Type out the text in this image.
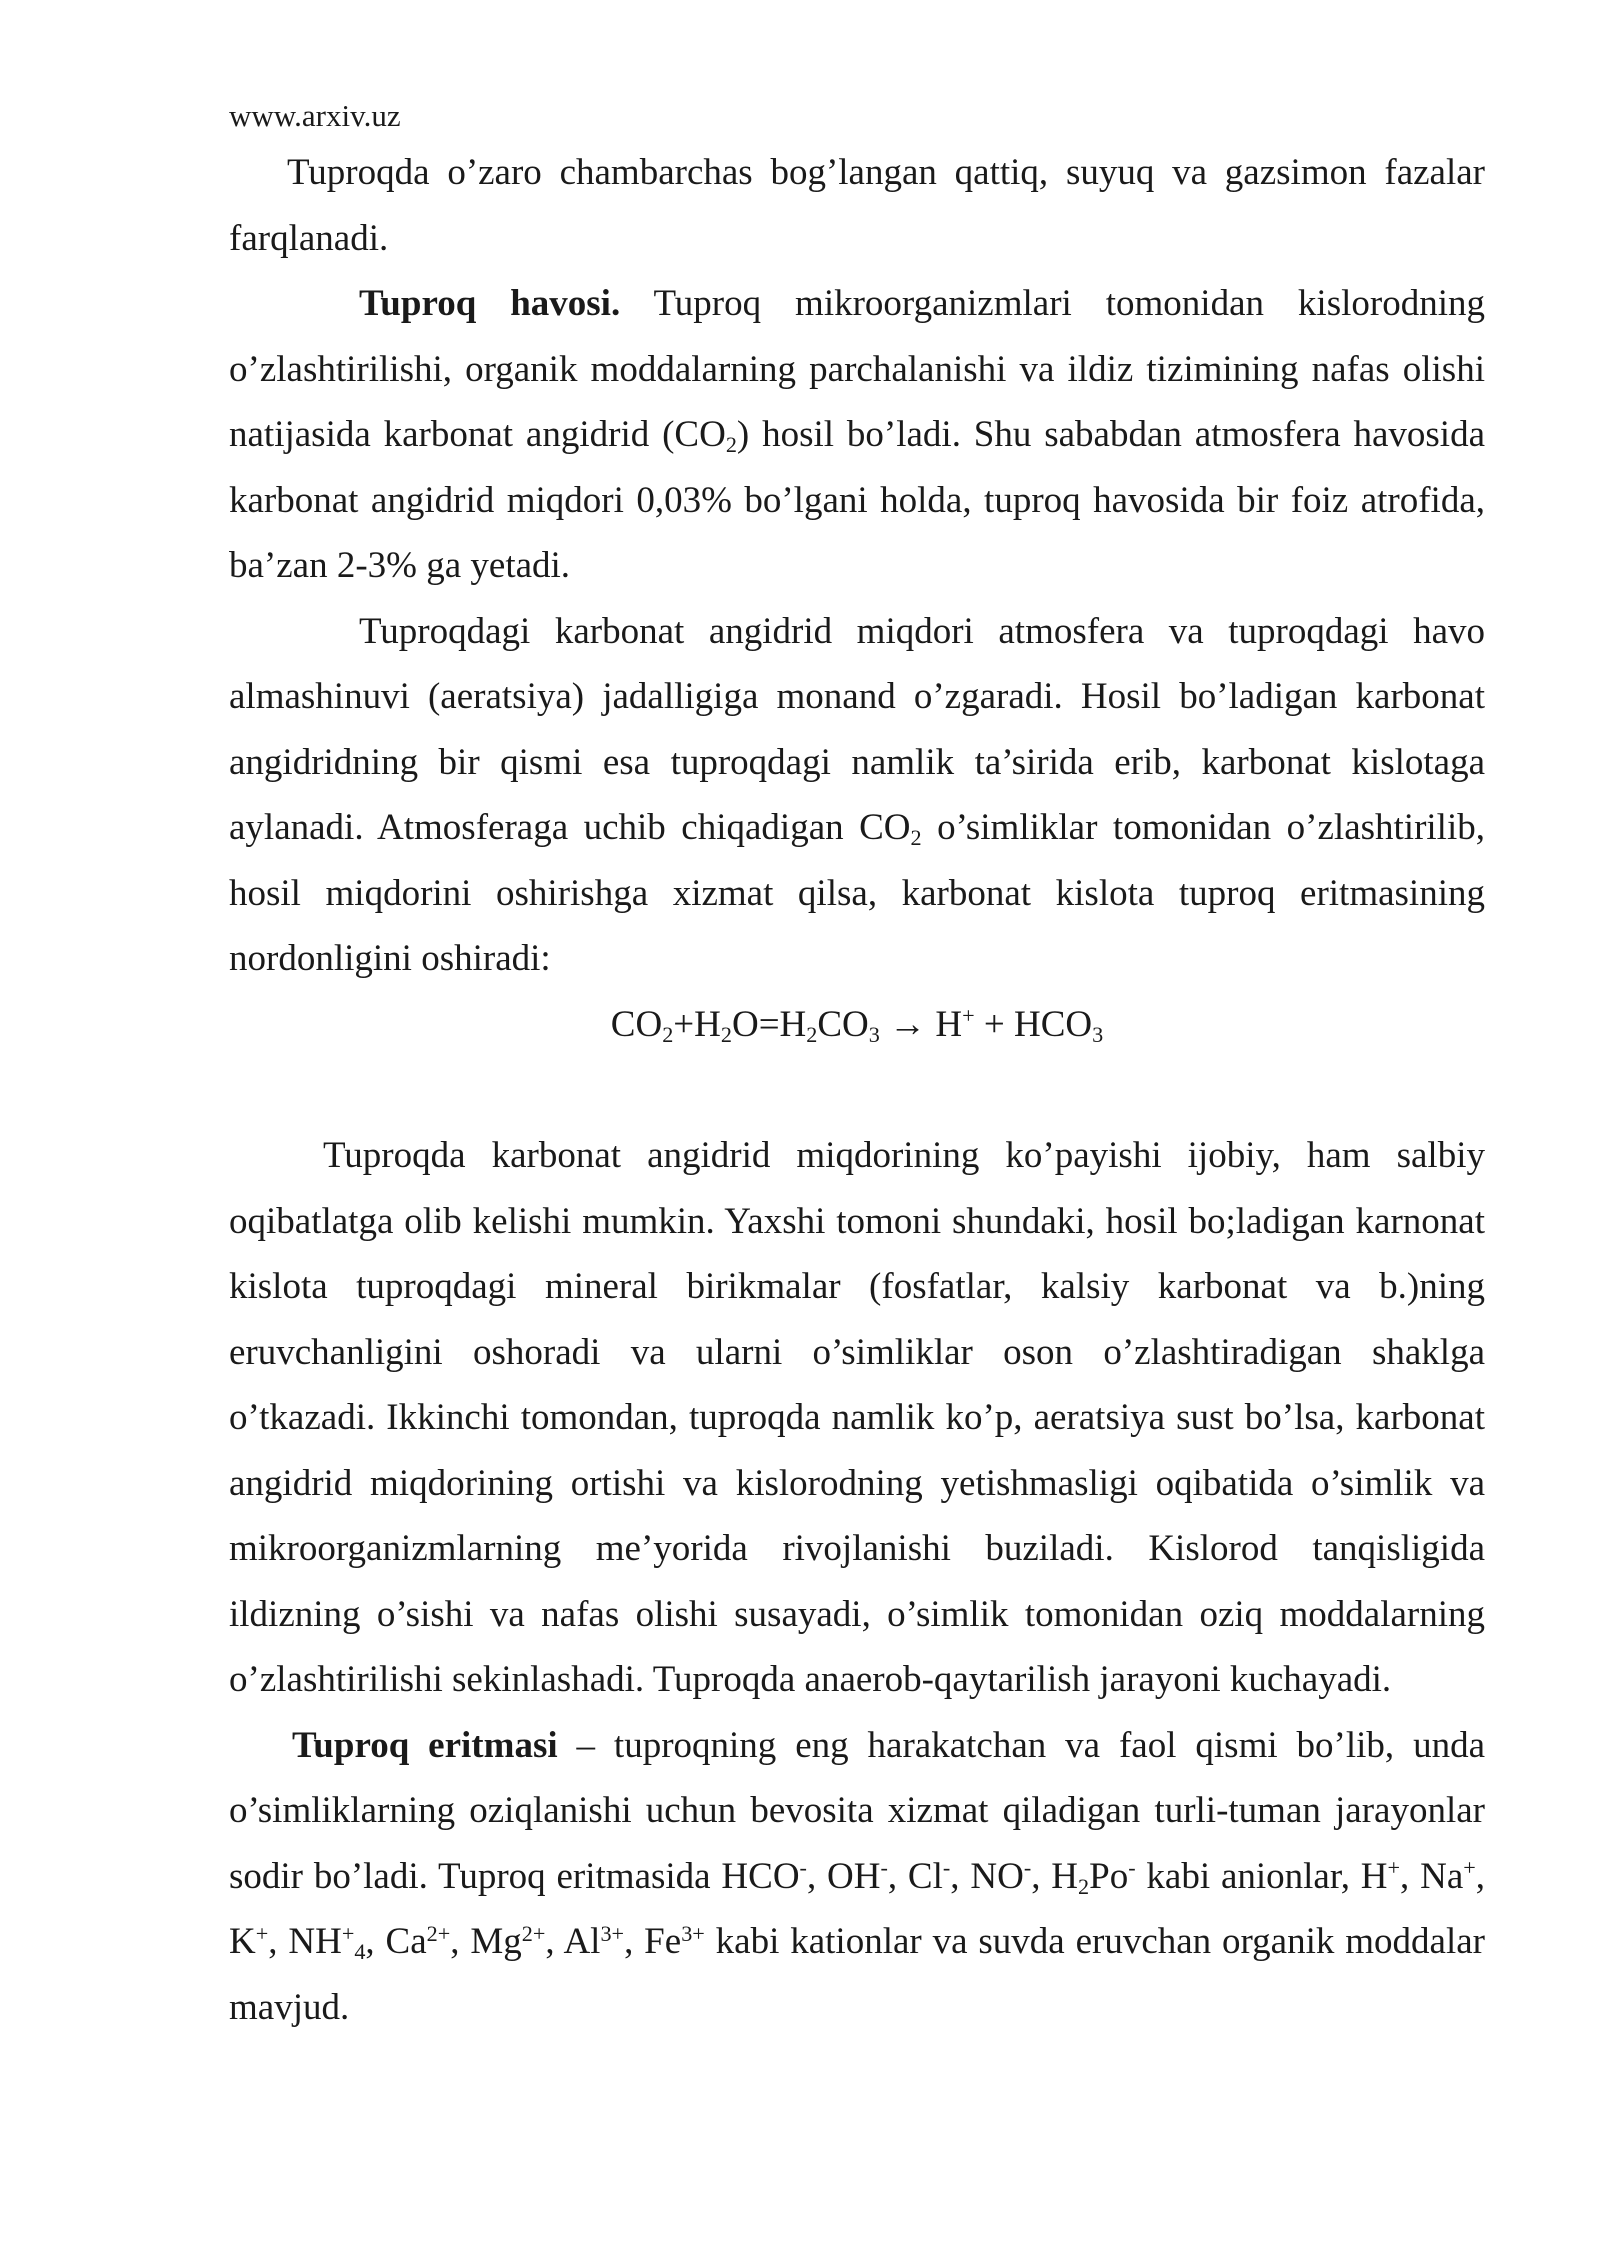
www.arxiv.uz

Tuproqda o’zaro chambarchas bog’langan qattiq, suyuq va gazsimon fazalar farqlanadi.

Tuproq havosi. Tuproq mikroorganizmlari tomonidan kislorodning o’zlashtirilishi, organik moddalarning parchalanishi va ildiz tizimining nafas olishi natijasida karbonat angidrid $(CO_2)$ hosil bo’ladi. Shu sababdan atmosfera havosida karbonat angidrid miqdori 0,03% bo’lgani holda, tuproq havosida bir foiz atrofida, ba’zan 2-3% ga yetadi.

Tuproqdagi karbonat angidrid miqdori atmosfera va tuproqdagi havo almashinuvi (aeratsiya) jadalligiga monand o’zgaradi. Hosil bo’ladigan karbonat angidridning bir qismi esa tuproqdagi namlik ta’sirida erib, karbonat kislotaga aylanadi. Atmosferaga uchib chiqadigan $CO_2$ o’simliklar tomonidan o’zlashtirilib, hosil miqdorini oshirishga xizmat qilsa, karbonat kislota tuproq eritmasining nordonligini oshiradi:

$CO_2+H_2O=H_2CO_3 \to H^+ + HCO_3$

Tuproqda karbonat angidrid miqdorining ko’payishi ijobiy, ham salbiy oqibatlatga olib kelishi mumkin. Yaxshi tomoni shundaki, hosil bo;ladigan karnonat kislota tuproqdagi mineral birikmalar (fosfatlar, kalsiy karbonat va b.)ning eruvchanligini oshoradi va ularni o’simliklar oson o’zlashtiradigan shaklga o’tkazadi. Ikkinchi tomondan, tuproqda namlik ko’p, aeratsiya sust bo’lsa, karbonat angidrid miqdorining ortishi va kislorodning yetishmasligi oqibatida o’simlik va mikroorganizmlarning me’yorida rivojlanishi buziladi. Kislorod tanqisligida ildizning o’sishi va nafas olishi susayadi, o’simlik tomonidan oziq moddalarning o’zlashtirilishi sekinlashadi. Tuproqda anaerob-qaytarilish jarayoni kuchayadi.

Tuproq eritmasi – tuproqning eng harakatchan va faol qismi bo’lib, unda o’simliklarning oziqlanishi uchun bevosita xizmat qiladigan turli-tuman jarayonlar sodir bo’ladi. Tuproq eritmasida HCO-, OH-, Cl-, NO-, $H_2Po^-$ kabi anionlar, H+, Na+, K+, $NH^+_4$, $Ca^{2+}$, $Mg^{2+}$, $Al^{3+}$, $Fe^{3+}$ kabi kationlar va suvda eruvchan organik moddalar mavjud.
